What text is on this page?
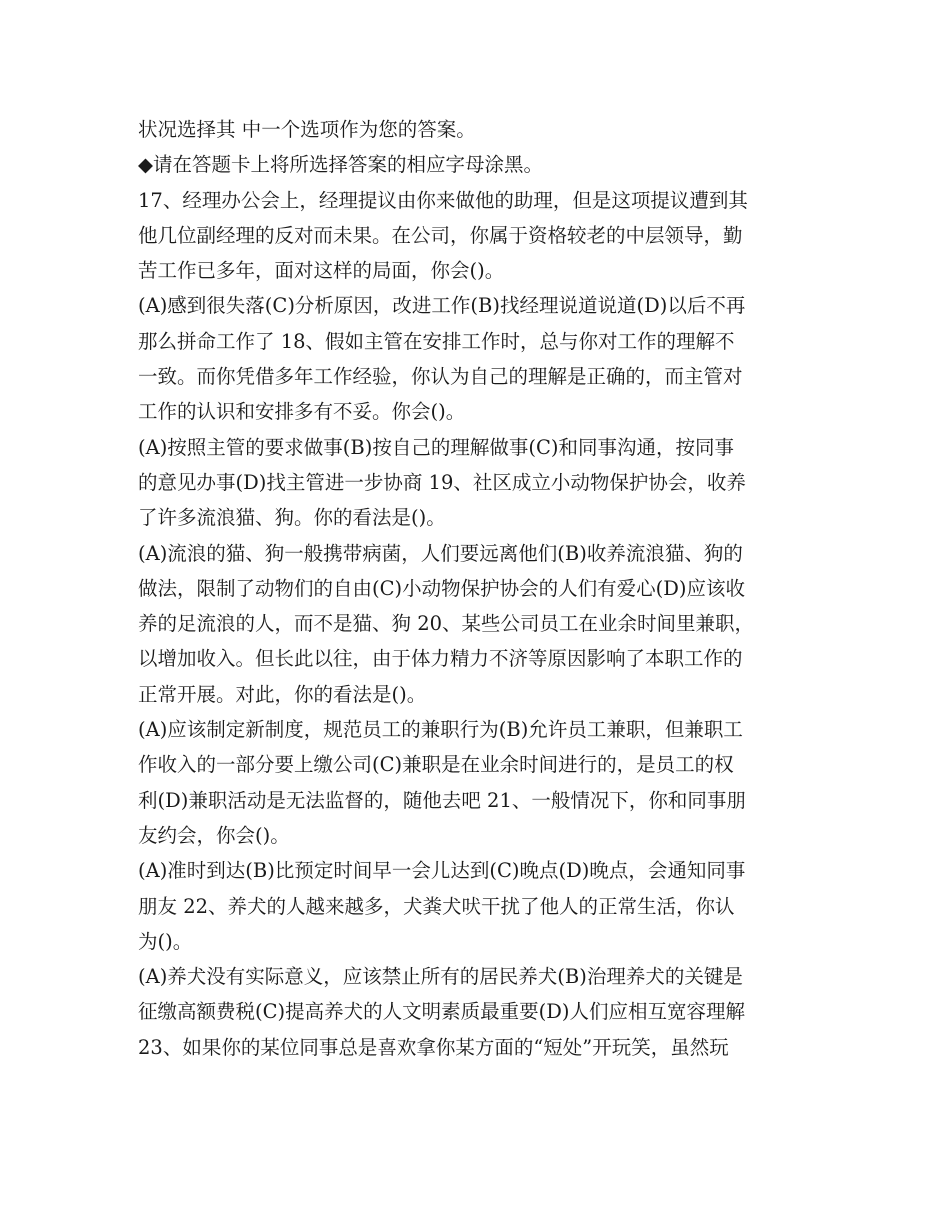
状况选择其 中一个选项作为您的答案。
◆请在答题卡上将所选择答案的相应字母涂黑。
17、经理办公会上，经理提议由你来做他的助理，但是这项提议遭到其
他几位副经理的反对而未果。在公司，你属于资格较老的中层领导，勤
苦工作已多年，面对这样的局面，你会()。
(A)感到很失落(C)分析原因，改进工作(B)找经理说道说道(D)以后不再
那么拼命工作了 18、假如主管在安排工作时，总与你对工作的理解不
一致。而你凭借多年工作经验，你认为自己的理解是正确的，而主管对
工作的认识和安排多有不妥。你会()。
(A)按照主管的要求做事(B)按自己的理解做事(C)和同事沟通，按同事
的意见办事(D)找主管进一步协商 19、社区成立小动物保护协会，收养
了许多流浪猫、狗。你的看法是()。
(A)流浪的猫、狗一般携带病菌，人们要远离他们(B)收养流浪猫、狗的
做法，限制了动物们的自由(C)小动物保护协会的人们有爱心(D)应该收
养的足流浪的人，而不是猫、狗 20、某些公司员工在业余时间里兼职，
以增加收入。但长此以往，由于体力精力不济等原因影响了本职工作的
正常开展。对此，你的看法是()。
(A)应该制定新制度，规范员工的兼职行为(B)允许员工兼职，但兼职工
作收入的一部分要上缴公司(C)兼职是在业余时间进行的，是员工的权
利(D)兼职活动是无法监督的，随他去吧 21、一般情况下，你和同事朋
友约会，你会()。
(A)准时到达(B)比预定时间早一会儿达到(C)晚点(D)晚点，会通知同事
朋友 22、养犬的人越来越多，犬粪犬吠干扰了他人的正常生活，你认
为()。
(A)养犬没有实际意义，应该禁止所有的居民养犬(B)治理养犬的关键是
征缴高额费税(C)提高养犬的人文明素质最重要(D)人们应相互宽容理解
23、如果你的某位同事总是喜欢拿你某方面的“短处”开玩笑，虽然玩
